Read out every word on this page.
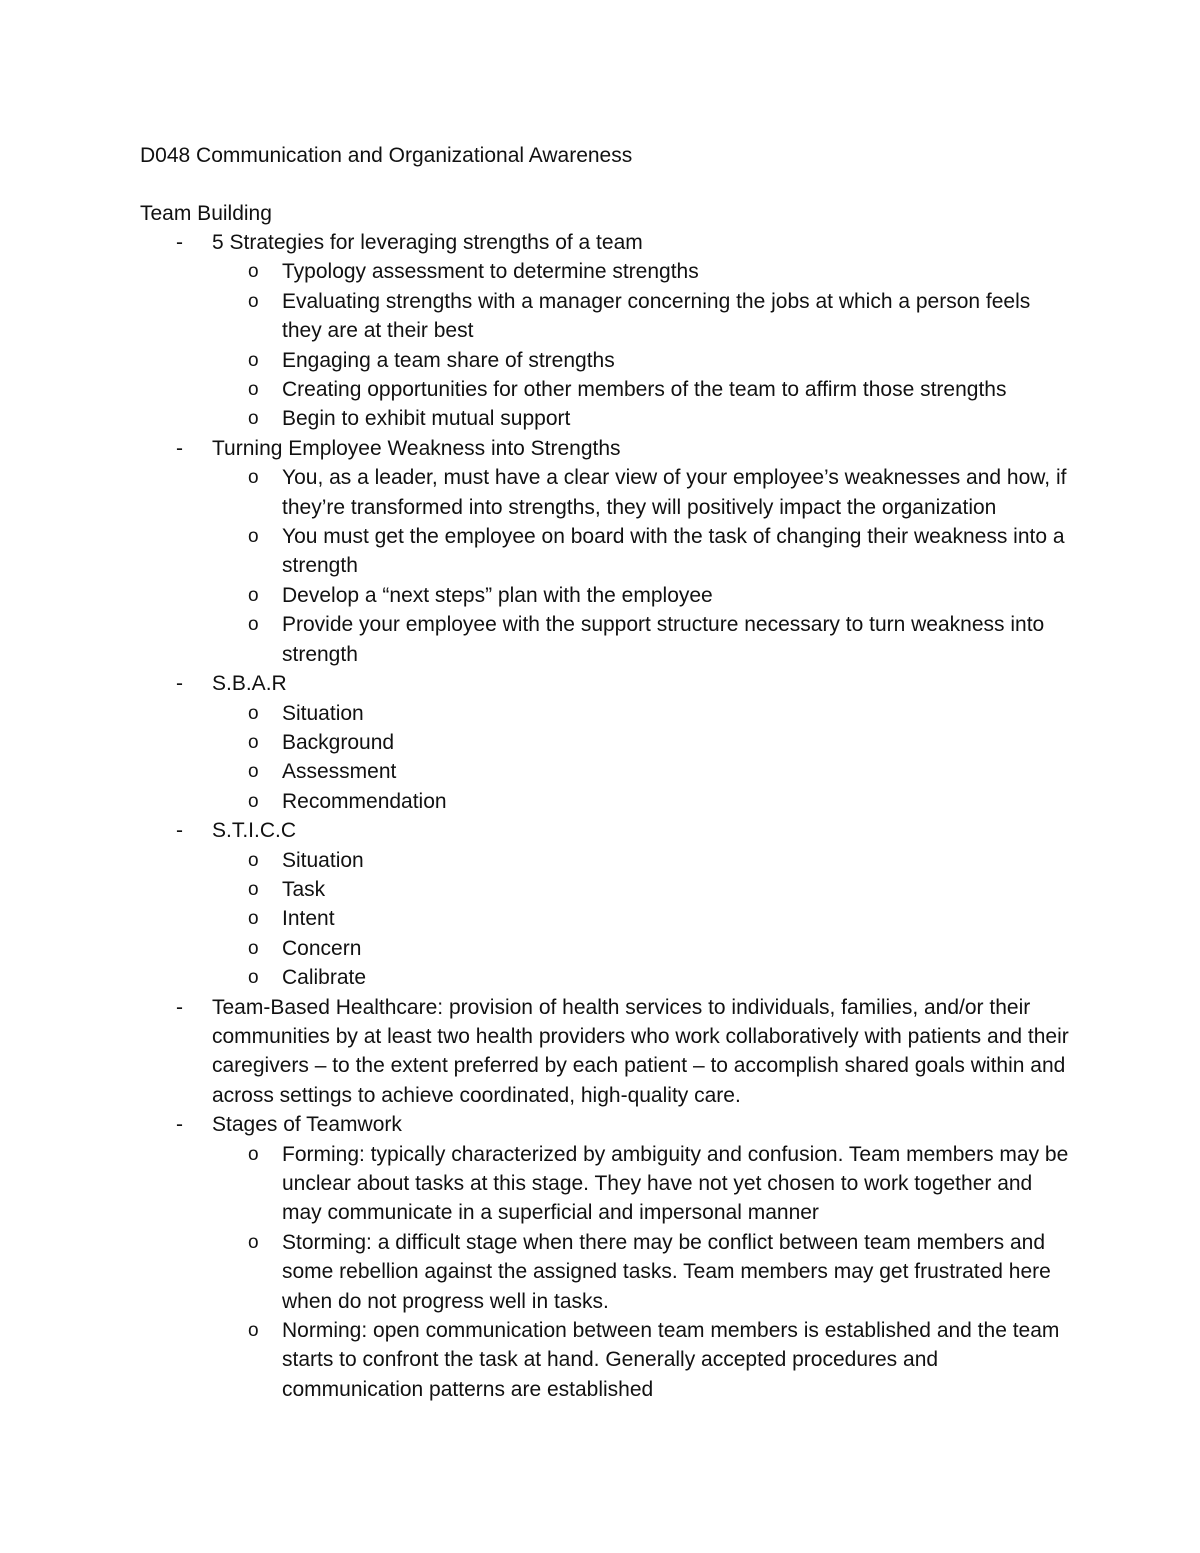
D048 Communication and Organizational Awareness

Team Building

- 5 Strategies for leveraging strengths of a team
o Typology assessment to determine strengths
o Evaluating strengths with a manager concerning the jobs at which a person feels they are at their best
o Engaging a team share of strengths
o Creating opportunities for other members of the team to affirm those strengths
o Begin to exhibit mutual support
- Turning Employee Weakness into Strengths
o You, as a leader, must have a clear view of your employee’s weaknesses and how, if they’re transformed into strengths, they will positively impact the organization
o You must get the employee on board with the task of changing their weakness into a strength
o Develop a “next steps” plan with the employee
o Provide your employee with the support structure necessary to turn weakness into strength
- S.B.A.R
o Situation
o Background
o Assessment
o Recommendation
- S.T.I.C.C
o Situation
o Task
o Intent
o Concern
o Calibrate
- Team-Based Healthcare: provision of health services to individuals, families, and/or their communities by at least two health providers who work collaboratively with patients and their caregivers – to the extent preferred by each patient – to accomplish shared goals within and across settings to achieve coordinated, high-quality care.
- Stages of Teamwork
o Forming: typically characterized by ambiguity and confusion. Team members may be unclear about tasks at this stage. They have not yet chosen to work together and may communicate in a superficial and impersonal manner
o Storming: a difficult stage when there may be conflict between team members and some rebellion against the assigned tasks. Team members may get frustrated here when do not progress well in tasks.
o Norming: open communication between team members is established and the team starts to confront the task at hand. Generally accepted procedures and communication patterns are established
